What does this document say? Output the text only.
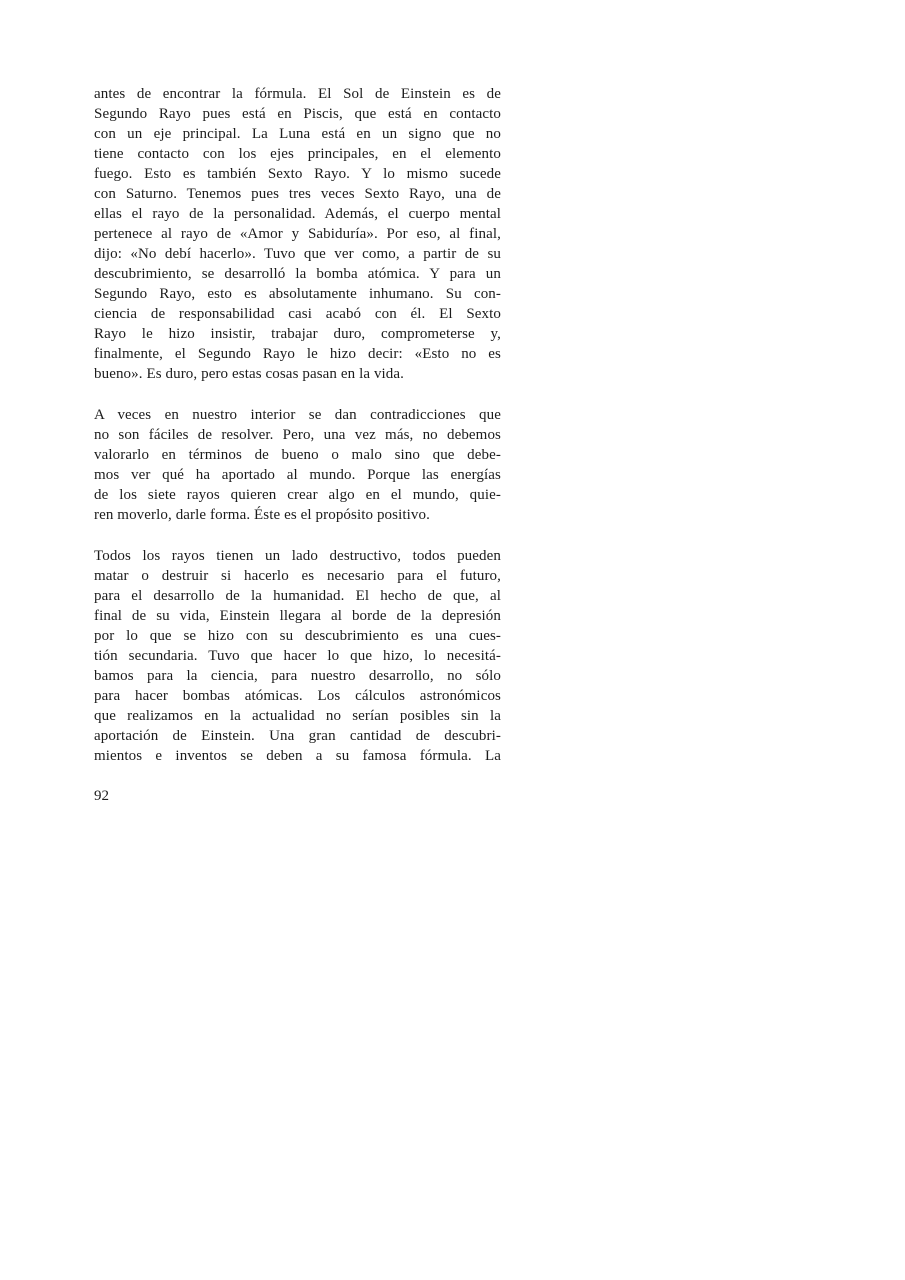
antes de encontrar la fórmula. El Sol de Einstein es de
Segundo Rayo pues está en Piscis, que está en contacto
con un eje principal. La Luna está en un signo que no
tiene contacto con los ejes principales, en el elemento
fuego. Esto es también Sexto Rayo. Y lo mismo sucede
con Saturno. Tenemos pues tres veces Sexto Rayo, una de
ellas el rayo de la personalidad. Además, el cuerpo mental
pertenece al rayo de «Amor y Sabiduría». Por eso, al final,
dijo: «No debí hacerlo». Tuvo que ver como, a partir de su
descubrimiento, se desarrolló la bomba atómica. Y para un
Segundo Rayo, esto es absolutamente inhumano. Su con-
ciencia de responsabilidad casi acabó con él. El Sexto
Rayo le hizo insistir, trabajar duro, comprometerse y,
finalmente, el Segundo Rayo le hizo decir: «Esto no es
bueno». Es duro, pero estas cosas pasan en la vida.
A veces en nuestro interior se dan contradicciones que
no son fáciles de resolver. Pero, una vez más, no debemos
valorarlo en términos de bueno o malo sino que debe-
mos ver qué ha aportado al mundo. Porque las energías
de los siete rayos quieren crear algo en el mundo, quie-
ren moverlo, darle forma. Éste es el propósito positivo.
Todos los rayos tienen un lado destructivo, todos pueden
matar o destruir si hacerlo es necesario para el futuro,
para el desarrollo de la humanidad. El hecho de que, al
final de su vida, Einstein llegara al borde de la depresión
por lo que se hizo con su descubrimiento es una cues-
tión secundaria. Tuvo que hacer lo que hizo, lo necesitá-
bamos para la ciencia, para nuestro desarrollo, no sólo
para hacer bombas atómicas. Los cálculos astronómicos
que realizamos en la actualidad no serían posibles sin la
aportación de Einstein. Una gran cantidad de descubri-
mientos e inventos se deben a su famosa fórmula. La
92
